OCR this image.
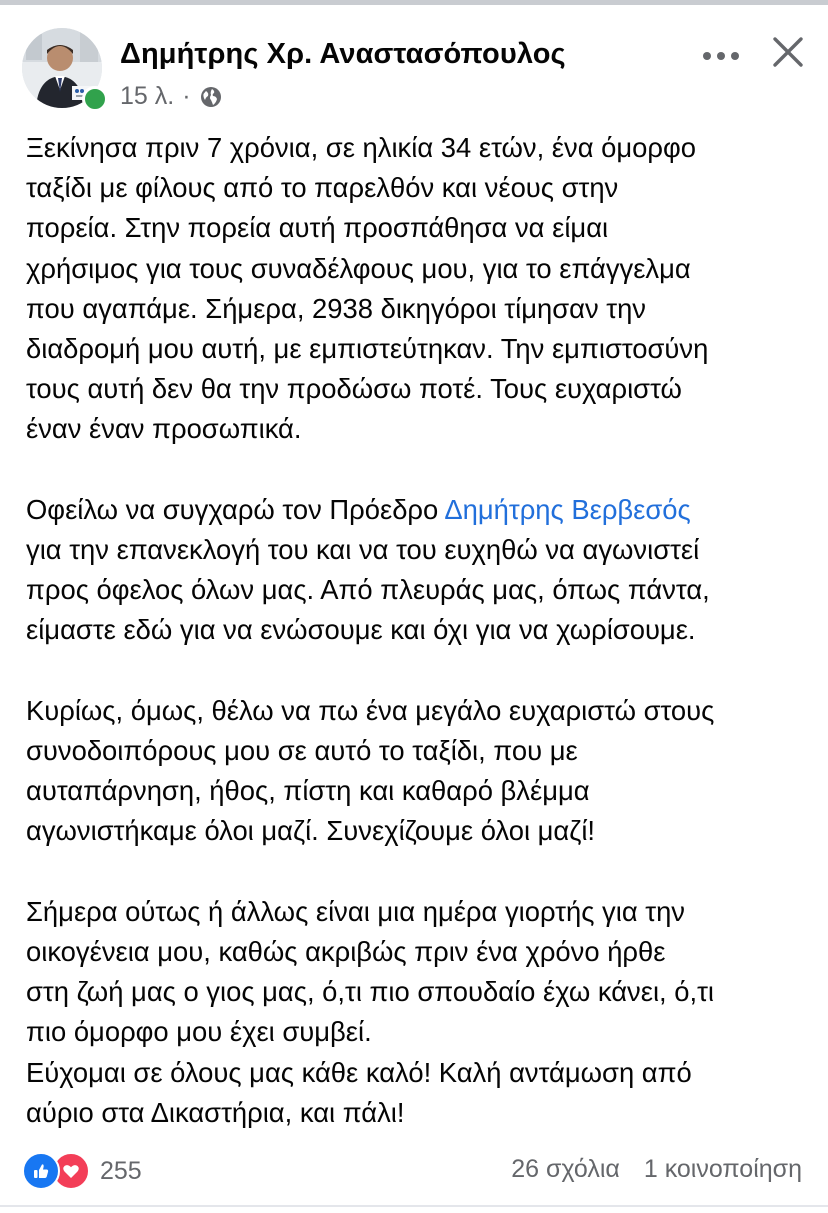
Δημήτρης Χρ. Αναστασόπουλος
15 λ. ·

Ξεκίνησα πριν 7 χρόνια, σε ηλικία 34 ετών, ένα όμορφο

ταξίδι με φίλους από το παρελθόν και νέους στην

πορεία. Στην πορεία αυτή προσπάθησα να είμαι

χρήσιμος για τους συναδέλφους μου, για το επάγγελμα

που αγαπάμε. Σήμερα, 2938 δικηγόροι τίμησαν την

διαδρομή μου αυτή, με εμπιστεύτηκαν. Την εμπιστοσύνη

τους αυτή δεν θα την προδώσω ποτέ. Τους ευχαριστώ

έναν έναν προσωπικά.

Οφείλω να συγχαρώ τον Πρόεδρο Δημήτρης Βερβεσός

για την επανεκλογή του και να του ευχηθώ να αγωνιστεί

προς όφελος όλων μας. Από πλευράς μας, όπως πάντα,

είμαστε εδώ για να ενώσουμε και όχι για να χωρίσουμε.

Κυρίως, όμως, θέλω να πω ένα μεγάλο ευχαριστώ στους

συνοδοιπόρους μου σε αυτό το ταξίδι, που με

αυταπάρνηση, ήθος, πίστη και καθαρό βλέμμα

αγωνιστήκαμε όλοι μαζί. Συνεχίζουμε όλοι μαζί!

Σήμερα ούτως ή άλλως είναι μια ημέρα γιορτής για την

οικογένεια μου, καθώς ακριβώς πριν ένα χρόνο ήρθε

στη ζωή μας ο γιος μας, ό,τι πιο σπουδαίο έχω κάνει, ό,τι

πιο όμορφο μου έχει συμβεί.

Εύχομαι σε όλους μας κάθε καλό! Καλή αντάμωση από

αύριο στα Δικαστήρια, και πάλι!

255	26 σχόλια 1 κοινοποίηση
